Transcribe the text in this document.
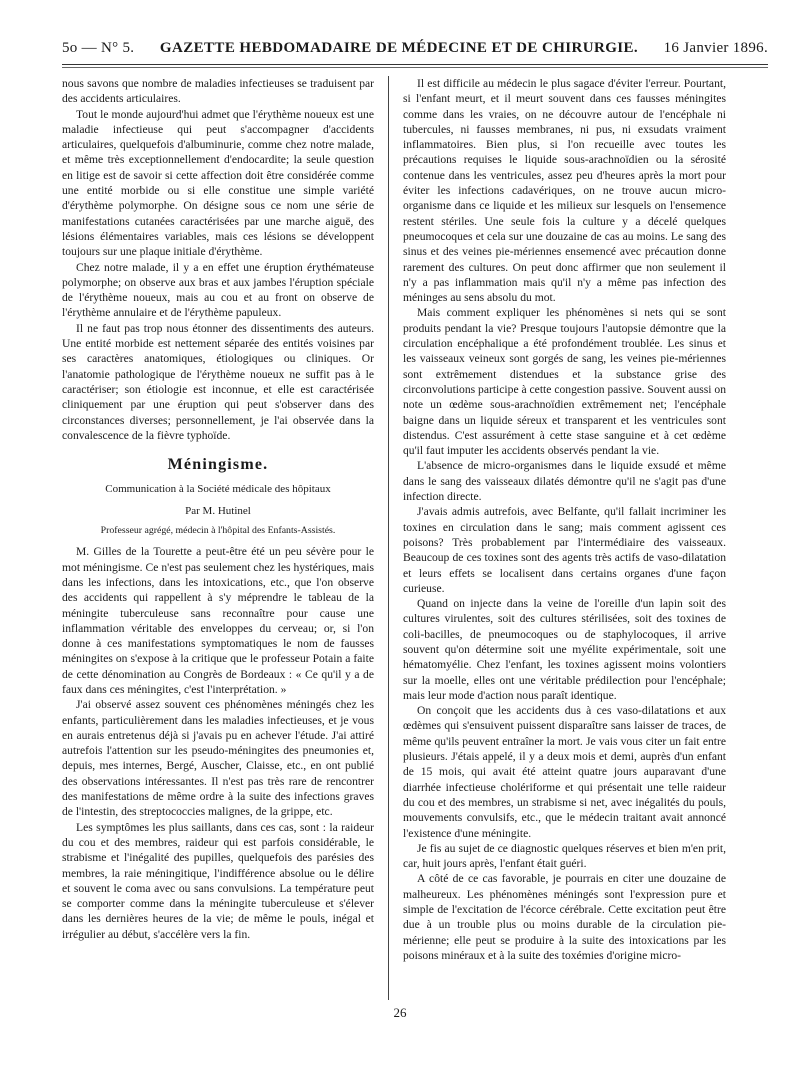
5o — N° 5. GAZETTE HEBDOMADAIRE DE MÉDECINE ET DE CHIRURGIE. 16 Janvier 1896.

nous savons que nombre de maladies infectieuses se traduisent par des accidents articulaires.

Tout le monde aujourd'hui admet que l'érythème noueux est une maladie infectieuse qui peut s'accompagner d'accidents articulaires, quelquefois d'albuminurie, comme chez notre malade, et même très exceptionnellement d'endocardite; la seule question en litige est de savoir si cette affection doit être considérée comme une entité morbide ou si elle constitue une simple variété d'érythème polymorphe. On désigne sous ce nom une série de manifestations cutanées caractérisées par une marche aiguë, des lésions élémentaires variables, mais ces lésions se développent toujours sur une plaque initiale d'érythème.

Chez notre malade, il y a en effet une éruption érythémateuse polymorphe; on observe aux bras et aux jambes l'éruption spéciale de l'érythème noueux, mais au cou et au front on observe de l'érythème annulaire et de l'érythème papuleux.

Il ne faut pas trop nous étonner des dissentiments des auteurs. Une entité morbide est nettement séparée des entités voisines par ses caractères anatomiques, étiologiques ou cliniques. Or l'anatomie pathologique de l'érythème noueux ne suffit pas à le caractériser; son étiologie est inconnue, et elle est caractérisée cliniquement par une éruption qui peut s'observer dans des circonstances diverses; personnellement, je l'ai observée dans la convalescence de la fièvre typhoïde.

Méningisme.

Communication à la Société médicale des hôpitaux

Par M. Hutinel

Professeur agrégé, médecin à l'hôpital des Enfants-Assistés.

M. Gilles de la Tourette a peut-être été un peu sévère pour le mot méningisme. Ce n'est pas seulement chez les hystériques, mais dans les infections, dans les intoxications, etc., que l'on observe des accidents qui rappellent à s'y méprendre le tableau de la méningite tuberculeuse sans reconnaître pour cause une inflammation véritable des enveloppes du cerveau; or, si l'on donne à ces manifestations symptomatiques le nom de fausses méningites on s'expose à la critique que le professeur Potain a faite de cette dénomination au Congrès de Bordeaux : « Ce qu'il y a de faux dans ces méningites, c'est l'interprétation. »

J'ai observé assez souvent ces phénomènes méningés chez les enfants, particulièrement dans les maladies infectieuses, et je vous en aurais entretenus déjà si j'avais pu en achever l'étude. J'ai attiré autrefois l'attention sur les pseudo-méningites des pneumonies et, depuis, mes internes, Bergé, Auscher, Claisse, etc., en ont publié des observations intéressantes. Il n'est pas très rare de rencontrer des manifestations de même ordre à la suite des infections graves de l'intestin, des streptococcies malignes, de la grippe, etc.

Les symptômes les plus saillants, dans ces cas, sont : la raideur du cou et des membres, raideur qui est parfois considérable, le strabisme et l'inégalité des pupilles, quelquefois des parésies des membres, la raie méningitique, l'indifférence absolue ou le délire et souvent le coma avec ou sans convulsions. La température peut se comporter comme dans la méningite tuberculeuse et s'élever dans les dernières heures de la vie; de même le pouls, inégal et irrégulier au début, s'accélère vers la fin.

Il est difficile au médecin le plus sagace d'éviter l'erreur. Pourtant, si l'enfant meurt, et il meurt souvent dans ces fausses méningites comme dans les vraies, on ne découvre autour de l'encéphale ni tubercules, ni fausses membranes, ni pus, ni exsudats vraiment inflammatoires. Bien plus, si l'on recueille avec toutes les précautions requises le liquide sous-arachnoïdien ou la sérosité contenue dans les ventricules, assez peu d'heures après la mort pour éviter les infections cadavériques, on ne trouve aucun micro-organisme dans ce liquide et les milieux sur lesquels on l'ensemence restent stériles. Une seule fois la culture y a décelé quelques pneumocoques et cela sur une douzaine de cas au moins. Le sang des sinus et des veines pie-mériennes ensemencé avec précaution donne rarement des cultures. On peut donc affirmer que non seulement il n'y a pas inflammation mais qu'il n'y a même pas infection des méninges au sens absolu du mot.

Mais comment expliquer les phénomènes si nets qui se sont produits pendant la vie? Presque toujours l'autopsie démontre que la circulation encéphalique a été profondément troublée. Les sinus et les vaisseaux veineux sont gorgés de sang, les veines pie-mériennes sont extrêmement distendues et la substance grise des circonvolutions participe à cette congestion passive. Souvent aussi on note un œdème sous-arachnoïdien extrêmement net; l'encéphale baigne dans un liquide séreux et transparent et les ventricules sont distendus. C'est assurément à cette stase sanguine et à cet œdème qu'il faut imputer les accidents observés pendant la vie.

L'absence de micro-organismes dans le liquide exsudé et même dans le sang des vaisseaux dilatés démontre qu'il ne s'agit pas d'une infection directe.

J'avais admis autrefois, avec Belfante, qu'il fallait incriminer les toxines en circulation dans le sang; mais comment agissent ces poisons? Très probablement par l'intermédiaire des vaisseaux. Beaucoup de ces toxines sont des agents très actifs de vaso-dilatation et leurs effets se localisent dans certains organes d'une façon curieuse.

Quand on injecte dans la veine de l'oreille d'un lapin soit des cultures virulentes, soit des cultures stérilisées, soit des toxines de coli-bacilles, de pneumocoques ou de staphylocoques, il arrive souvent qu'on détermine soit une myélite expérimentale, soit une hématomyélie. Chez l'enfant, les toxines agissent moins volontiers sur la moelle, elles ont une véritable prédilection pour l'encéphale; mais leur mode d'action nous paraît identique.

On conçoit que les accidents dus à ces vaso-dilatations et aux œdèmes qui s'ensuivent puissent disparaître sans laisser de traces, de même qu'ils peuvent entraîner la mort. Je vais vous citer un fait entre plusieurs. J'étais appelé, il y a deux mois et demi, auprès d'un enfant de 15 mois, qui avait été atteint quatre jours auparavant d'une diarrhée infectieuse cholériforme et qui présentait une telle raideur du cou et des membres, un strabisme si net, avec inégalités du pouls, mouvements convulsifs, etc., que le médecin traitant avait annoncé l'existence d'une méningite.

Je fis au sujet de ce diagnostic quelques réserves et bien m'en prit, car, huit jours après, l'enfant était guéri.

A côté de ce cas favorable, je pourrais en citer une douzaine de malheureux. Les phénomènes méningés sont l'expression pure et simple de l'excitation de l'écorce cérébrale. Cette excitation peut être due à un trouble plus ou moins durable de la circulation pie-mérienne; elle peut se produire à la suite des intoxications par les poisons minéraux et à la suite des toxémies d'origine micro-

26
